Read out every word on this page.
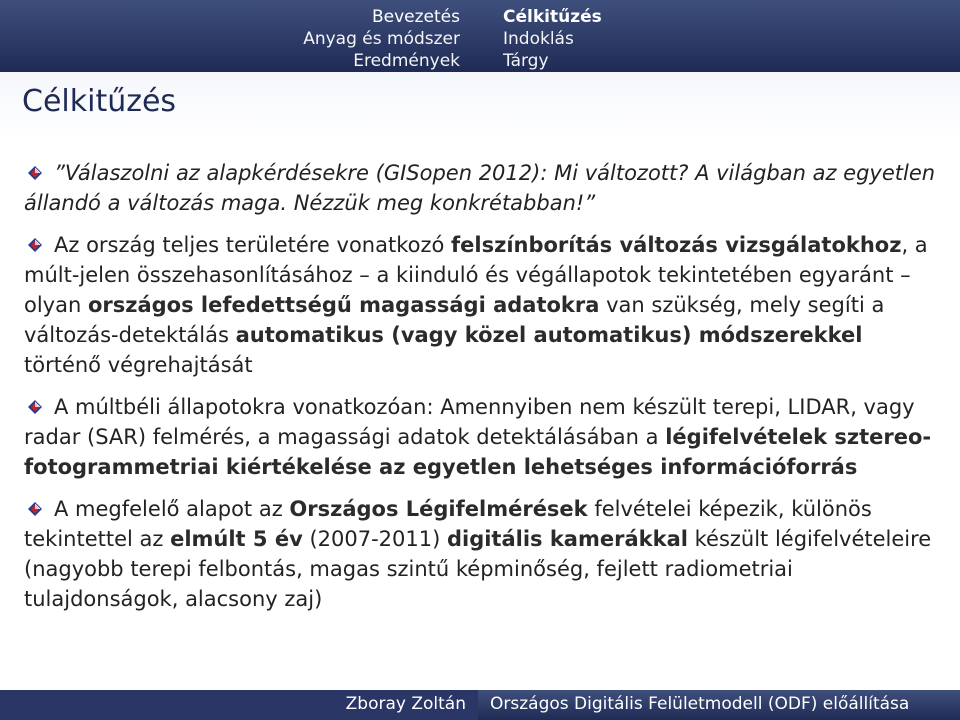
Bevezetés
Anyag és módszer
Eredmények
Célkitűzés
Indoklás
Tárgy
Célkitűzés
”Válaszolni az alapkérdésekre (GISopen 2012): Mi változott? A világban az egyetlen állandó a változás maga. Nézzük meg konkrétabban!”
Az ország teljes területére vonatkozó felszínborítás változás vizsgálatokhoz, a múlt-jelen összehasonlításához – a kiinduló és végállapotok tekintetében egyaránt – olyan országos lefedettségű magassági adatokra van szükség, mely segíti a változás-detektálás automatikus (vagy közel automatikus) módszerekkel történő végrehajtását
A múltbéli állapotokra vonatkozóan: Amennyiben nem készült terepi, LIDAR, vagy radar (SAR) felmérés, a magassági adatok detektálásában a légifelvételek sztereo-fotogrammetriai kiértékelése az egyetlen lehetséges információforrás
A megfelelő alapot az Országos Légifelmérések felvételei képezik, különös tekintettel az elmúlt 5 év (2007-2011) digitális kamerákkal készült légifelvételeire (nagyobb terepi felbontás, magas szintű képminőség, fejlett radiometriai tulajdonságok, alacsony zaj)
Zboray Zoltán Országos Digitális Felületmodell (ODF) előállítása
